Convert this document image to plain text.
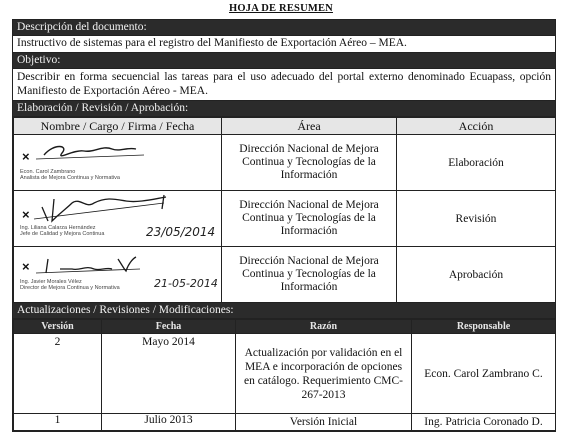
HOJA DE RESUMEN
Descripción del documento:
Instructivo de sistemas para el registro del Manifiesto de Exportación Aéreo – MEA.
Objetivo:
Describir en forma secuencial las tareas para el uso adecuado del portal externo denominado Ecuapass, opción Manifiesto de Exportación Aéreo - MEA.
Elaboración / Revisión / Aprobación:
Nombre / Cargo / Firma / Fecha	Área	Acción

×
Econ. Carol Zambrano
Analista de Mejora Continua y Normativa	Dirección Nacional de Mejora Continua y Tecnologías de la Información	Elaboración

×
Ing. Liliana Calarza Hernández
Jefe de Calidad y Mejora Continua 23/05/2014	Dirección Nacional de Mejora Continua y Tecnologías de la Información	Revisión

×
Ing. Javier Morales Vélez
Director de Mejora Continua y Normativa 21-05-2014	Dirección Nacional de Mejora Continua y Tecnologías de la Información	Aprobación
Actualizaciones / Revisiones / Modificaciones:
Versión	Fecha	Razón	Responsable
2	Mayo 2014	Actualización por validación en el MEA e incorporación de opciones en catálogo. Requerimiento CMC-267-2013	Econ. Carol Zambrano C.
1	Julio 2013	Versión Inicial	Ing. Patricia Coronado D.
